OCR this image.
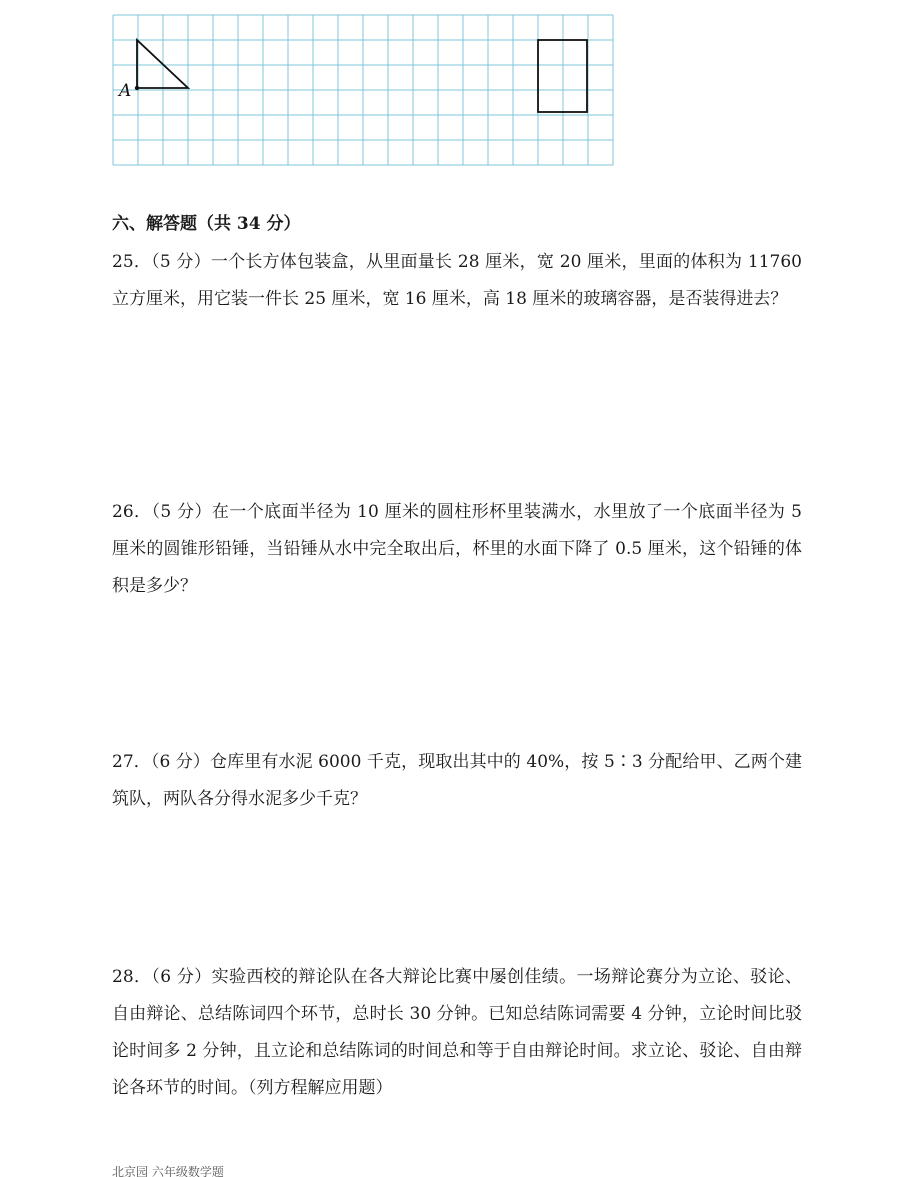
A
六、解答题（共 34 分）
25．（5 分）一个长方体包装盒，从里面量长 28 厘米，宽 20 厘米，里面的体积为 11760 立方厘米，用它装一件长 25 厘米，宽 16 厘米，高 18 厘米的玻璃容器，是否装得进去？
26．（5 分）在一个底面半径为 10 厘米的圆柱形杯里装满水，水里放了一个底面半径为 5 厘米的圆锥形铅锤，当铅锤从水中完全取出后，杯里的水面下降了 0.5 厘米，这个铅锤的体积是多少？
27．（6 分）仓库里有水泥 6000 千克，现取出其中的 40%，按 5∶3 分配给甲、乙两个建筑队，两队各分得水泥多少千克？
28．（6 分）实验西校的辩论队在各大辩论比赛中屡创佳绩。一场辩论赛分为立论、驳论、自由辩论、总结陈词四个环节，总时长 30 分钟。已知总结陈词需要 4 分钟，立论时间比驳论时间多 2 分钟，且立论和总结陈词的时间总和等于自由辩论时间。求立论、驳论、自由辩论各环节的时间。（列方程解应用题）
北京园 六年级数学题
